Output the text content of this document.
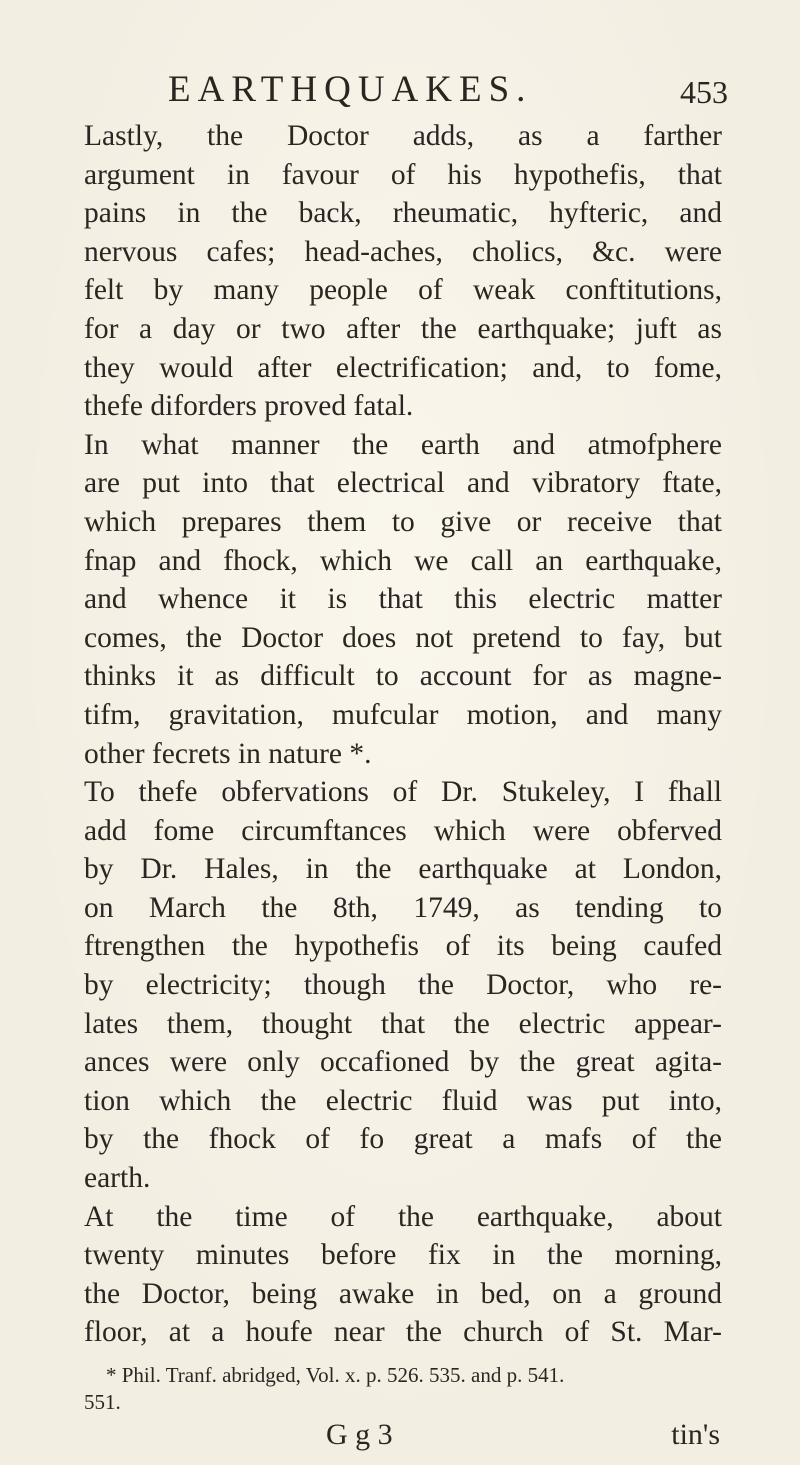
EARTHQUAKES.	453

Lastly, the Doctor adds, as a farther
argument in favour of his hypothefis, that
pains in the back, rheumatic, hyfteric, and
nervous cafes; head-aches, cholics, &c. were
felt by many people of weak conftitutions,
for a day or two after the earthquake; juft as
they would after electrification; and, to fome,
thefe diforders proved fatal.

In what manner the earth and atmofphere
are put into that electrical and vibratory ftate,
which prepares them to give or receive that
fnap and fhock, which we call an earthquake,
and whence it is that this electric matter
comes, the Doctor does not pretend to fay, but
thinks it as difficult to account for as magne-
tifm, gravitation, mufcular motion, and many
other fecrets in nature *.

To thefe obfervations of Dr. Stukeley, I fhall
add fome circumftances which were obferved
by Dr. Hales, in the earthquake at London,
on March the 8th, 1749, as tending to
ftrengthen the hypothefis of its being caufed
by electricity; though the Doctor, who re-
lates them, thought that the electric appear-
ances were only occafioned by the great agita-
tion which the electric fluid was put into,
by the fhock of fo great a mafs of the
earth.

At the time of the earthquake, about
twenty minutes before fix in the morning,
the Doctor, being awake in bed, on a ground
floor, at a houfe near the church of St. Mar-

* Phil. Tranf. abridged, Vol. x. p. 526. 535. and p. 541.
551.
G g 3	tin's
